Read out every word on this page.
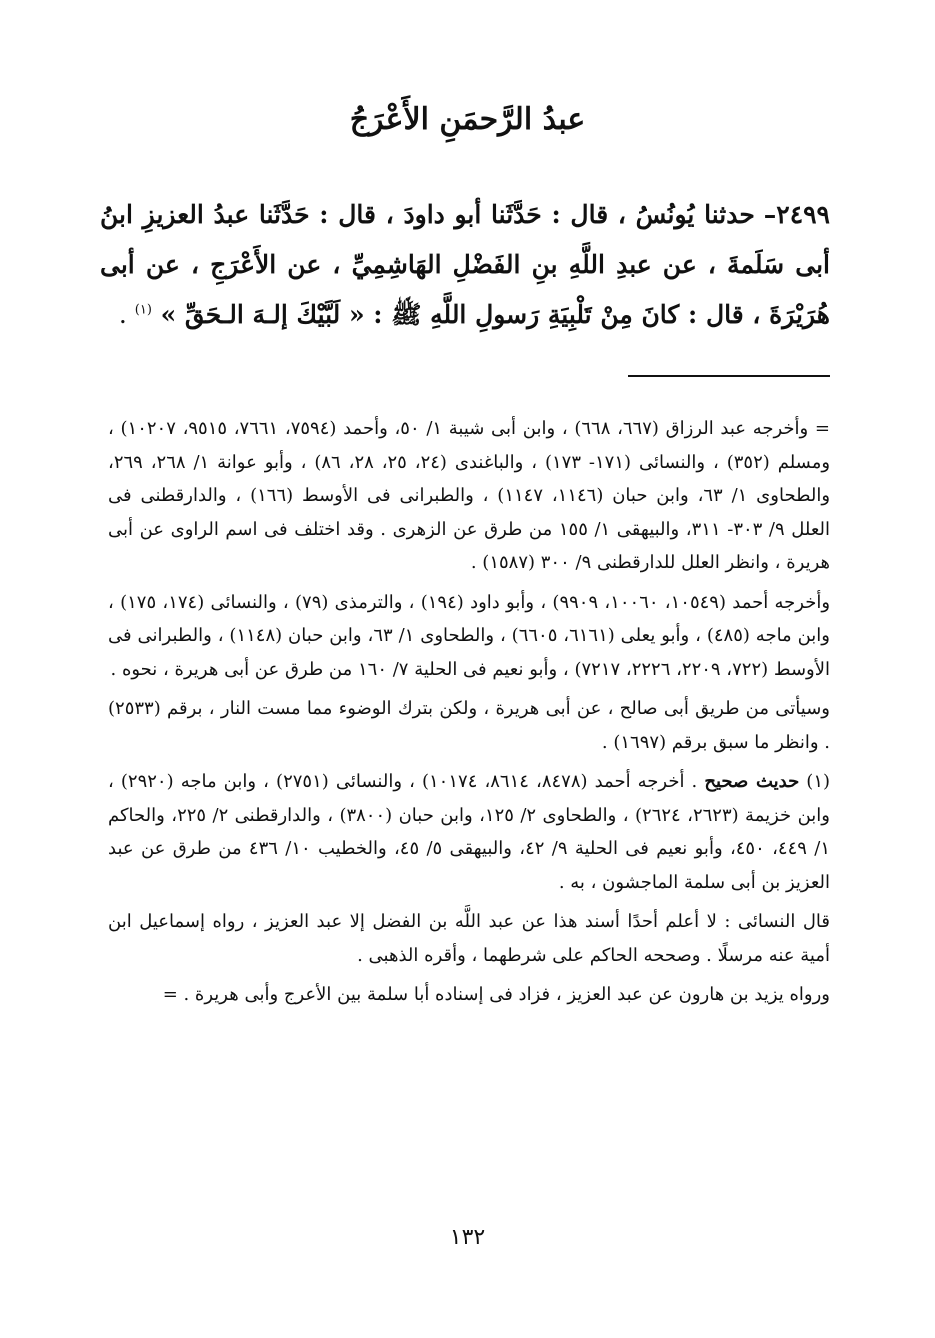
عبدُ الرَّحمَنِ الأَعْرَجُ
٢٤٩٩– حدثنا يُونُسُ ، قال : حَدَّثَنا أبو داودَ ، قال : حَدَّثَنا عبدُ العزيزِ ابنُ أبى سَلَمةَ ، عن عبدِ اللَّهِ بنِ الفَضْلِ الهَاشِمِيِّ ، عن الأَعْرَجِ ، عن أبى هُرَيْرَةَ ، قال : كانَ مِنْ تَلْبِيَةِ رَسولِ اللَّهِ ﷺ : « لَبَّيْكَ إلـهَ الـحَقِّ » $^{(١)}$ .

= وأخرجه عبد الرزاق (٦٦٧، ٦٦٨) ، وابن أبى شيبة ١/ ٥٠، وأحمد (٧٥٩٤، ٧٦٦١، ٩٥١٥، ١٠٢٠٧) ، ومسلم (٣٥٢) ، والنسائى (١٧١- ١٧٣) ، والباغندى (٢٤، ٢٥، ٢٨، ٨٦) ، وأبو عوانة ١/ ٢٦٨، ٢٦٩، والطحاوى ١/ ٦٣، وابن حبان (١١٤٦، ١١٤٧) ، والطبرانى فى الأوسط (١٦٦) ، والدارقطنى فى العلل ٩/ ٣٠٣- ٣١١، والبيهقى ١/ ١٥٥ من طرق عن الزهرى . وقد اختلف فى اسم الراوى عن أبى هريرة ، وانظر العلل للدارقطنى ٩/ ٣٠٠ (١٥٨٧) .

وأخرجه أحمد (١٠٥٤٩، ١٠٠٦٠، ٩٩٠٩) ، وأبو داود (١٩٤) ، والترمذى (٧٩) ، والنسائى (١٧٤، ١٧٥) ، وابن ماجه (٤٨٥) ، وأبو يعلى (٦١٦١، ٦٦٠٥) ، والطحاوى ١/ ٦٣، وابن حبان (١١٤٨) ، والطبرانى فى الأوسط (٧٢٢، ٢٢٠٩، ٢٢٢٦، ٧٢١٧) ، وأبو نعيم فى الحلية ٧/ ١٦٠ من طرق عن أبى هريرة ، نحوه .

وسيأتى من طريق أبى صالح ، عن أبى هريرة ، ولكن بترك الوضوء مما مست النار ، برقم (٢٥٣٣) . وانظر ما سبق برقم (١٦٩٧) .

(١) حديث صحيح . أخرجه أحمد (٨٤٧٨، ٨٦١٤، ١٠١٧٤) ، والنسائى (٢٧٥١) ، وابن ماجه (٢٩٢٠) ، وابن خزيمة (٢٦٢٣، ٢٦٢٤) ، والطحاوى ٢/ ١٢٥، وابن حبان (٣٨٠٠) ، والدارقطنى ٢/ ٢٢٥، والحاكم ١/ ٤٤٩، ٤٥٠، وأبو نعيم فى الحلية ٩/ ٤٢، والبيهقى ٥/ ٤٥، والخطيب ١٠/ ٤٣٦ من طرق عن عبد العزيز بن أبى سلمة الماجشون ، به .

قال النسائى : لا أعلم أحدًا أسند هذا عن عبد اللَّه بن الفضل إلا عبد العزيز ، رواه إسماعيل ابن أمية عنه مرسلًا . وصححه الحاكم على شرطهما ، وأقره الذهبى .

ورواه يزيد بن هارون عن عبد العزيز ، فزاد فى إسناده أبا سلمة بين الأعرج وأبى هريرة . =

١٣٢
